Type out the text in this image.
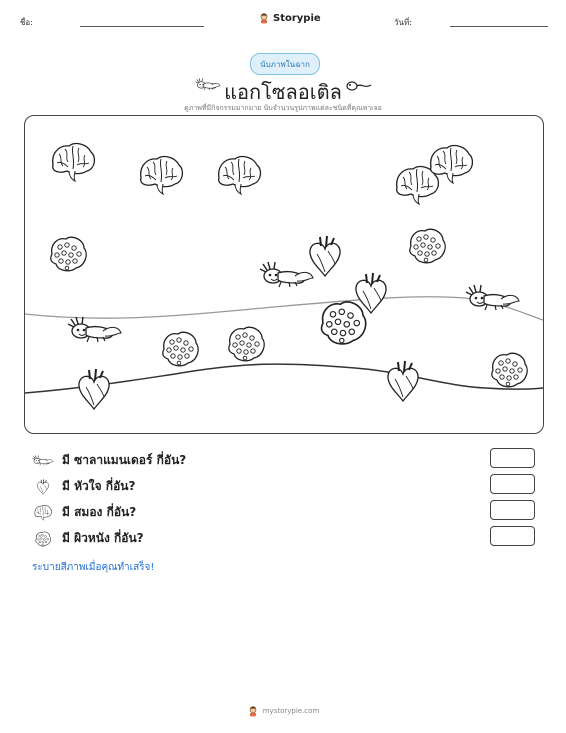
ชื่อ:	Storypie	วันที่:
นับภาพในฉาก
แอกโซลอเติล
ดูภาพที่มีกิจกรรมมากมาย นับจำนวนรูปภาพแต่ละชนิดที่คุณหาเจอ
มี ซาลาแมนเดอร์ กี่อัน?
มี หัวใจ กี่อัน?
มี สมอง กี่อัน?
มี ผิวหนัง กี่อัน?
ระบายสีภาพเมื่อคุณทำเสร็จ!
mystorypie.com
